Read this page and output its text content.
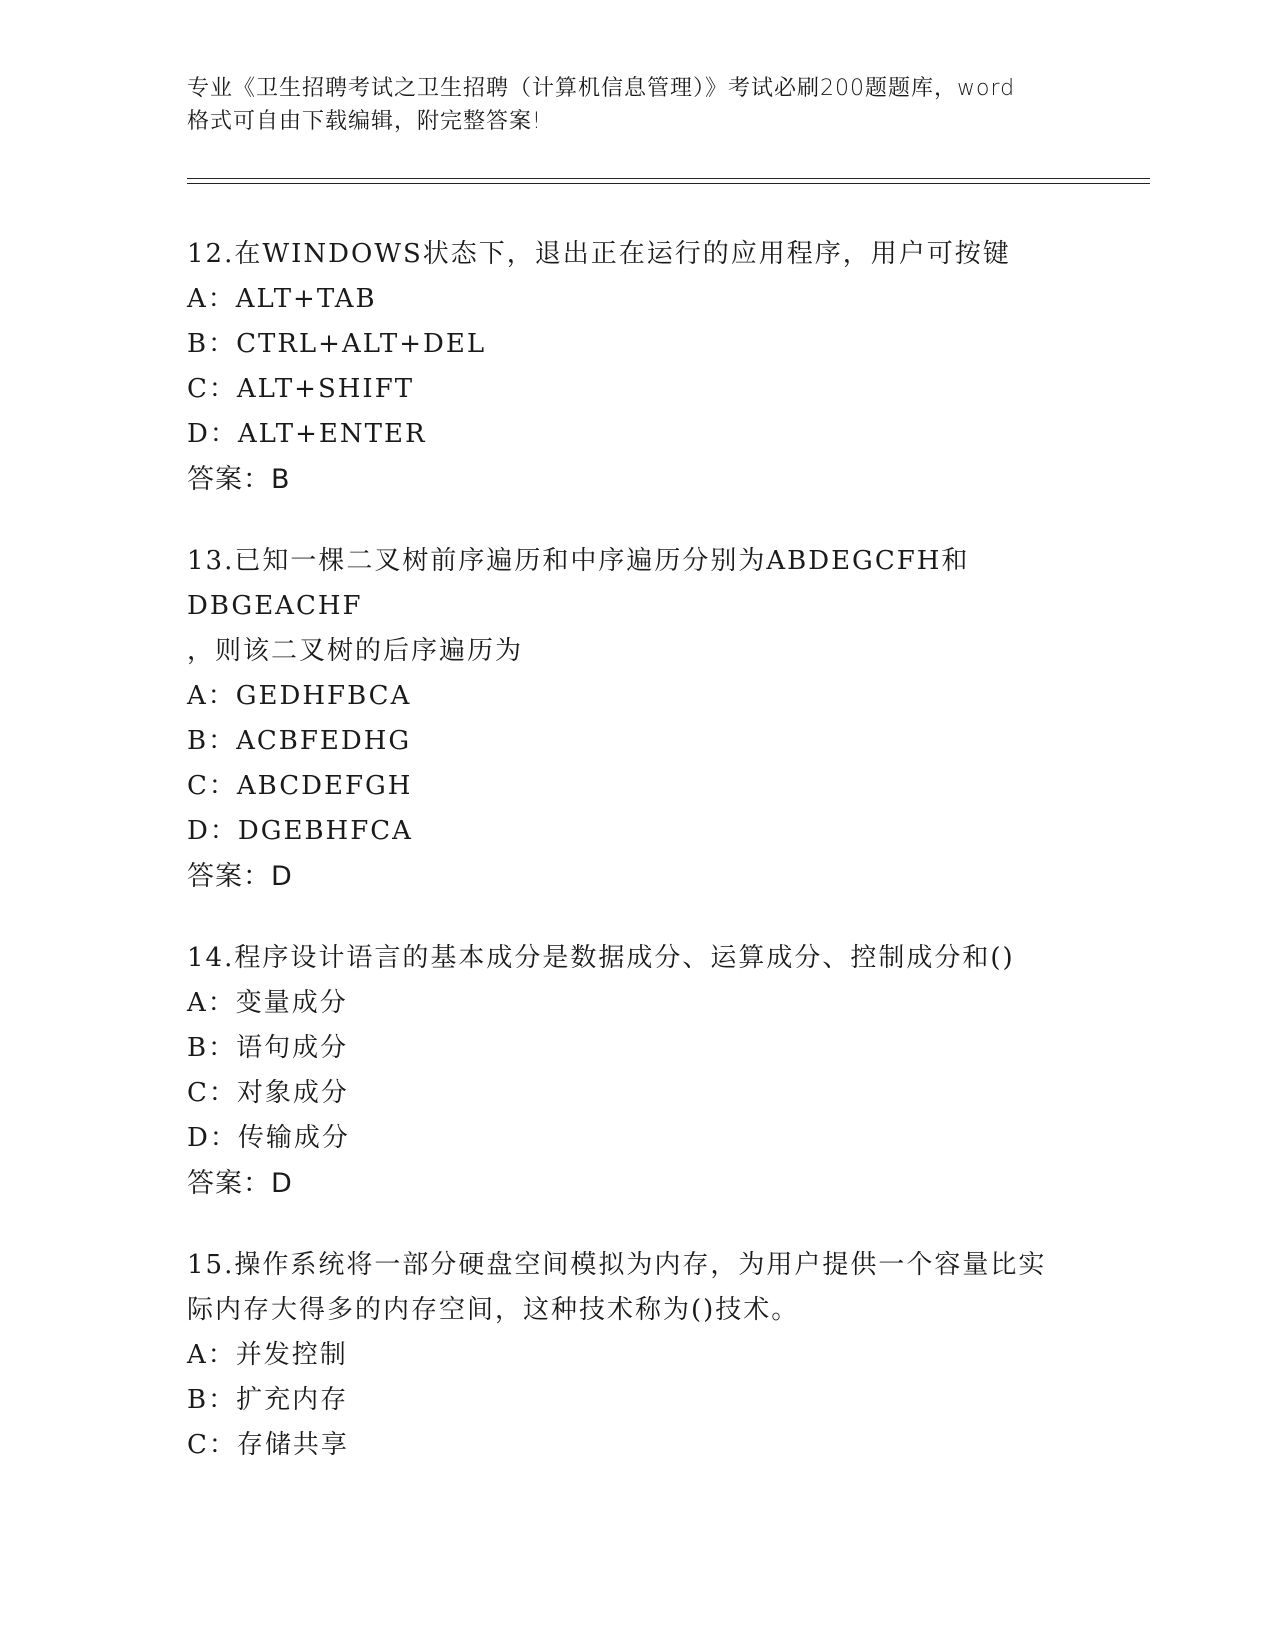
专业《卫生招聘考试之卫生招聘（计算机信息管理）》考试必刷200题题库，word
格式可自由下载编辑，附完整答案!
12.在WINDOWS状态下，退出正在运行的应用程序，用户可按键
A：ALT+TAB
B：CTRL+ALT+DEL
C：ALT+SHIFT
D：ALT+ENTER
答案：B
13.已知一棵二叉树前序遍历和中序遍历分别为ABDEGCFH和DBGEACHF
，则该二叉树的后序遍历为
A：GEDHFBCA
B：ACBFEDHG
C：ABCDEFGH
D：DGEBHFCA
答案：D
14.程序设计语言的基本成分是数据成分、运算成分、控制成分和()
A：变量成分
B：语句成分
C：对象成分
D：传输成分
答案：D
15.操作系统将一部分硬盘空间模拟为内存，为用户提供一个容量比实
际内存大得多的内存空间，这种技术称为()技术。
A：并发控制
B：扩充内存
C：存储共享
